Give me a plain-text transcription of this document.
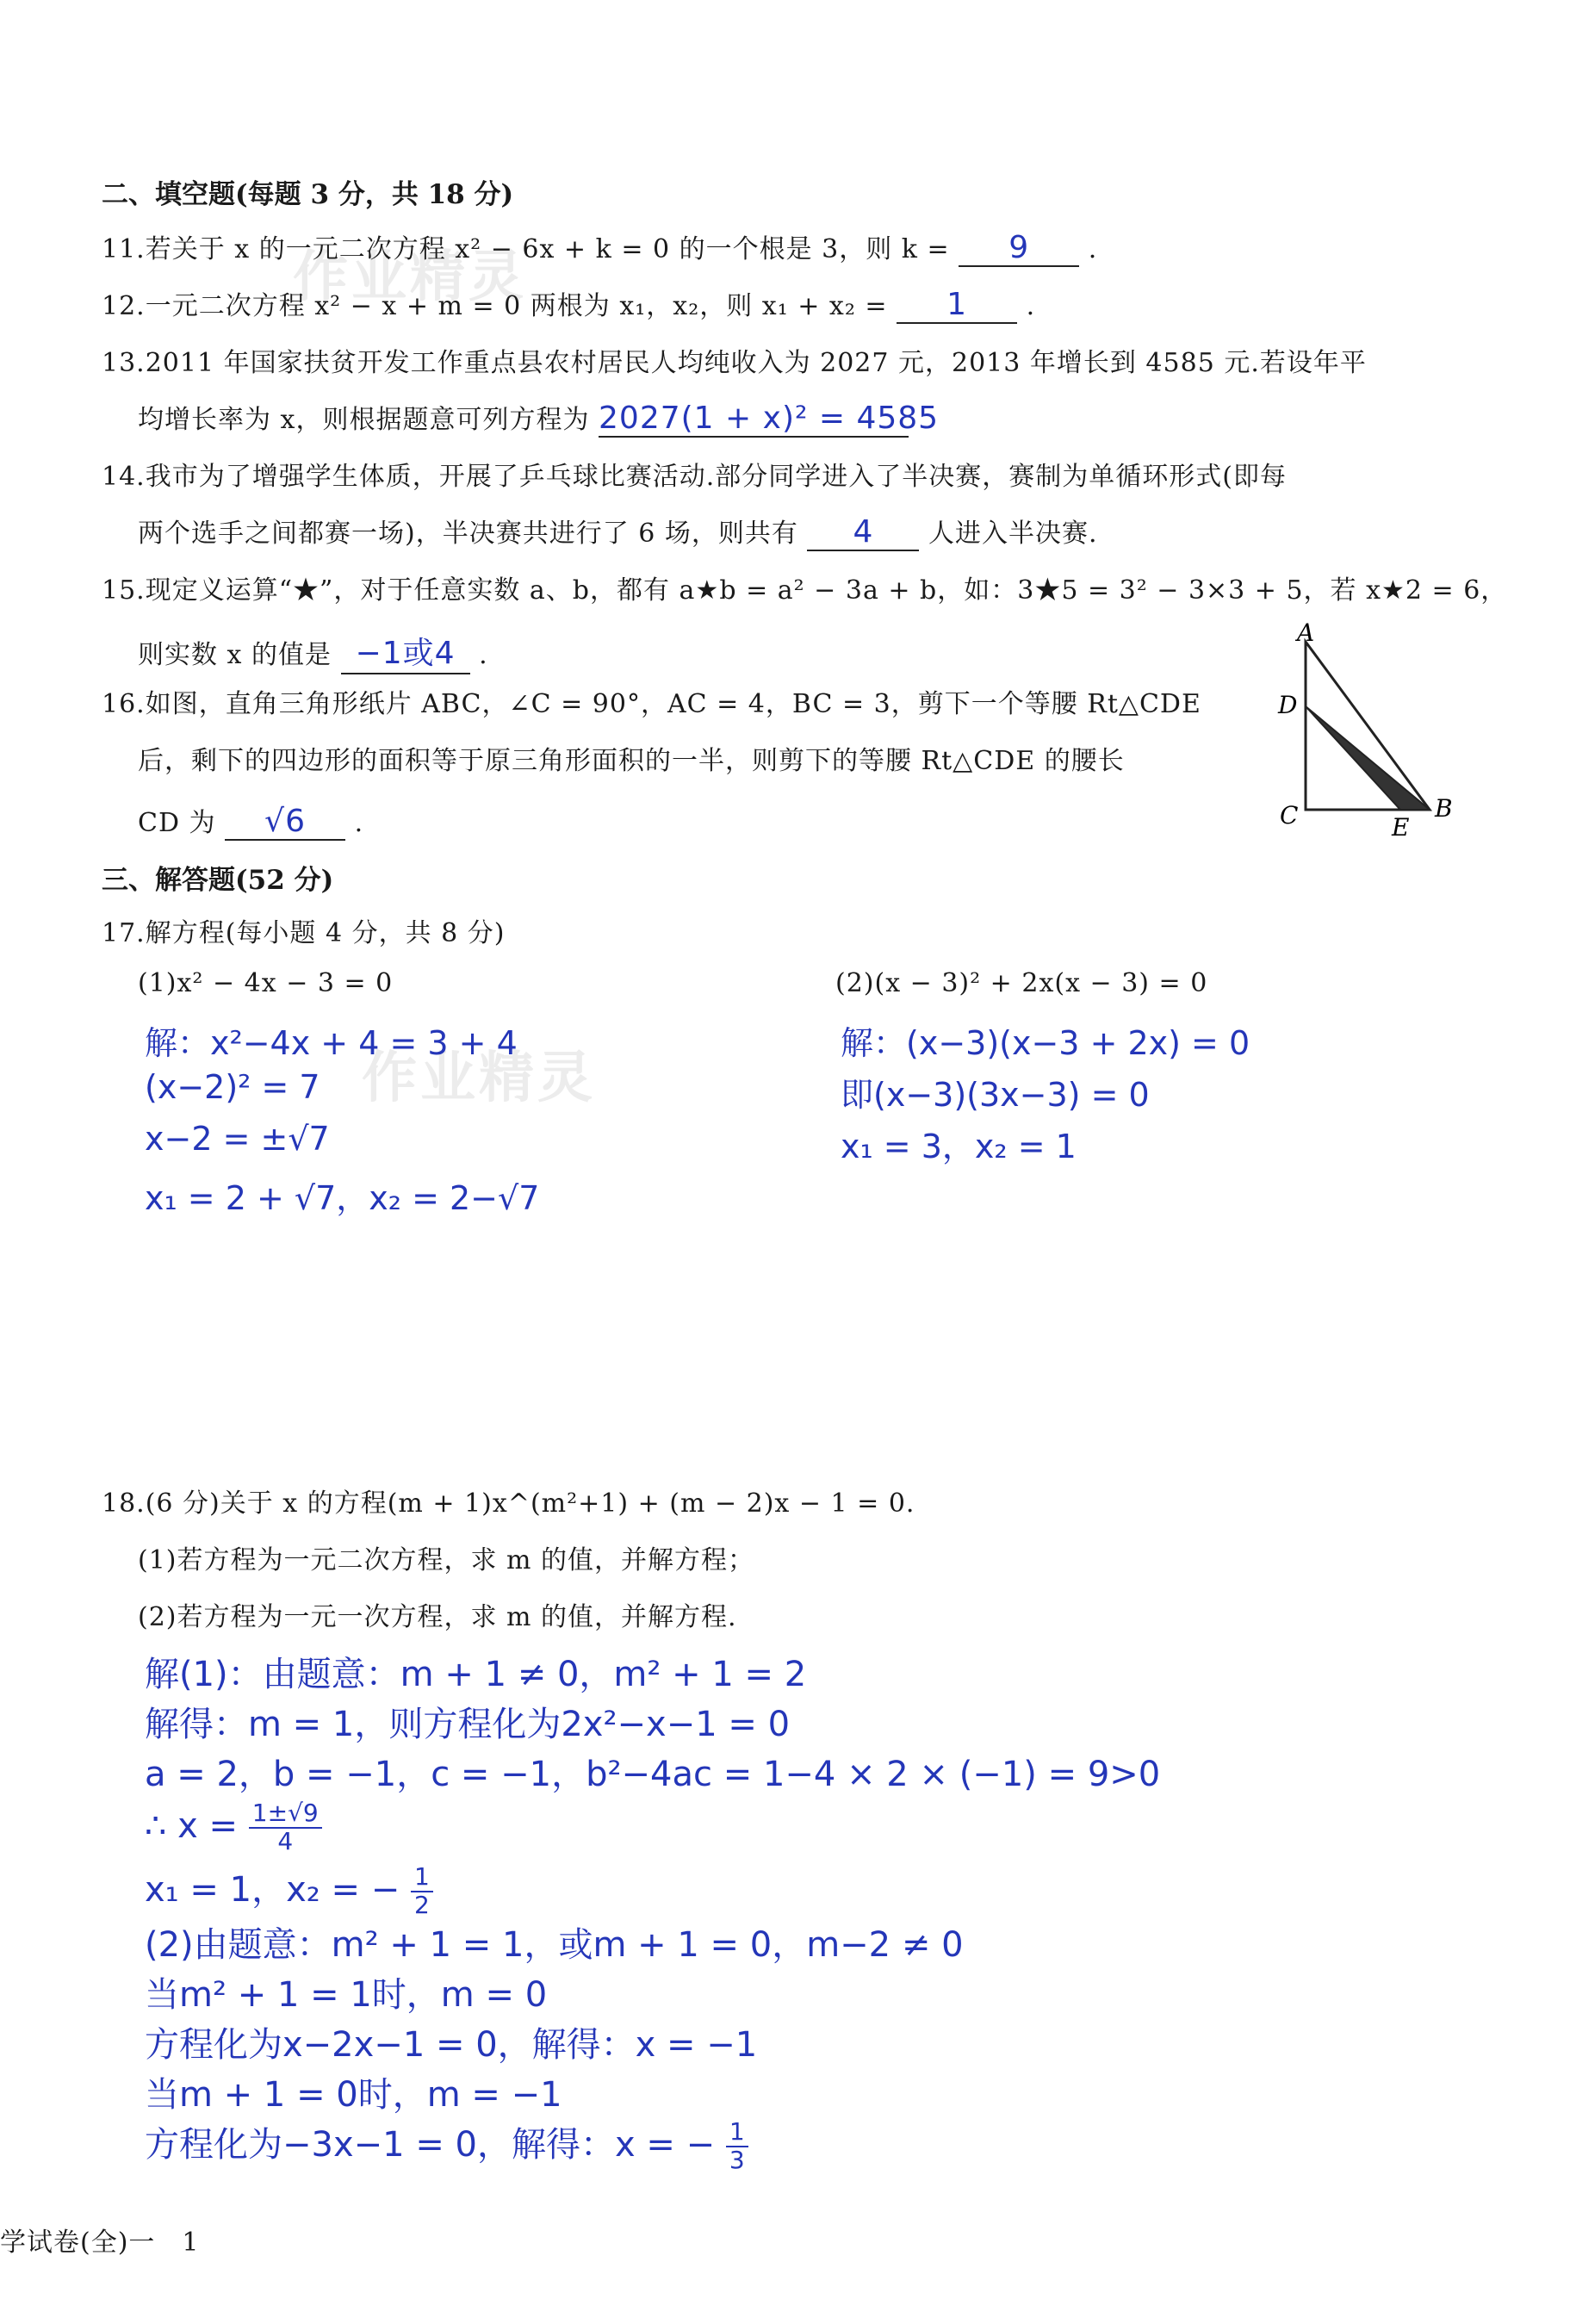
作业精灵
作业精灵
二、填空题(每题 3 分，共 18 分)
11.若关于 x 的一元二次方程 x² − 6x + k = 0 的一个根是 3，则 k = 9 .
12.一元二次方程 x² − x + m = 0 两根为 x₁，x₂，则 x₁ + x₂ = 1 .
13.2011 年国家扶贫开发工作重点县农村居民人均纯收入为 2027 元，2013 年增长到 4585 元.若设年平
均增长率为 x，则根据题意可列方程为 2027(1 + x)² = 4585
14.我市为了增强学生体质，开展了乒乓球比赛活动.部分同学进入了半决赛，赛制为单循环形式(即每
两个选手之间都赛一场)，半决赛共进行了 6 场，则共有 4 人进入半决赛.
15.现定义运算“★”，对于任意实数 a、b，都有 a★b = a² − 3a + b，如：3★5 = 3² − 3×3 + 5，若 x★2 = 6，
则实数 x 的值是 −1或4 .
16.如图，直角三角形纸片 ABC，∠C = 90°，AC = 4，BC = 3，剪下一个等腰 Rt△CDE
后，剩下的四边形的面积等于原三角形面积的一半，则剪下的等腰 Rt△CDE 的腰长
CD 为 √6 .
A
D
C	E
B
三、解答题(52 分)
17.解方程(每小题 4 分，共 8 分)
(1)x² − 4x − 3 = 0	(2)(x − 3)² + 2x(x − 3) = 0
解：x²−4x + 4 = 3 + 4
(x−2)² = 7
x−2 = ±√7
x₁ = 2 + √7，x₂ = 2−√7
解：(x−3)(x−3 + 2x) = 0
即(x−3)(3x−3) = 0
x₁ = 3，x₂ = 1
18.(6 分)关于 x 的方程(m + 1)x^(m²+1) + (m − 2)x − 1 = 0.
(1)若方程为一元二次方程，求 m 的值，并解方程；
(2)若方程为一元一次方程，求 m 的值，并解方程.
解(1)：由题意：m + 1 ≠ 0，m² + 1 = 2
解得：m = 1，则方程化为2x²−x−1 = 0
a = 2，b = −1，c = −1，b²−4ac = 1−4 × 2 × (−1) = 9>0
∴ $x = \frac{1\pm√9}{4}$
x₁ = 1，x₂ = − $\frac{1}{2}$
(2)由题意：m² + 1 = 1，或m + 1 = 0，m−2 ≠ 0
当m² + 1 = 1时，m = 0
方程化为x−2x−1 = 0，解得：x = −1
当m + 1 = 0时，m = −1
方程化为−3x−1 = 0，解得：x = − $\frac{1}{3}$
学试卷(全)一　1
